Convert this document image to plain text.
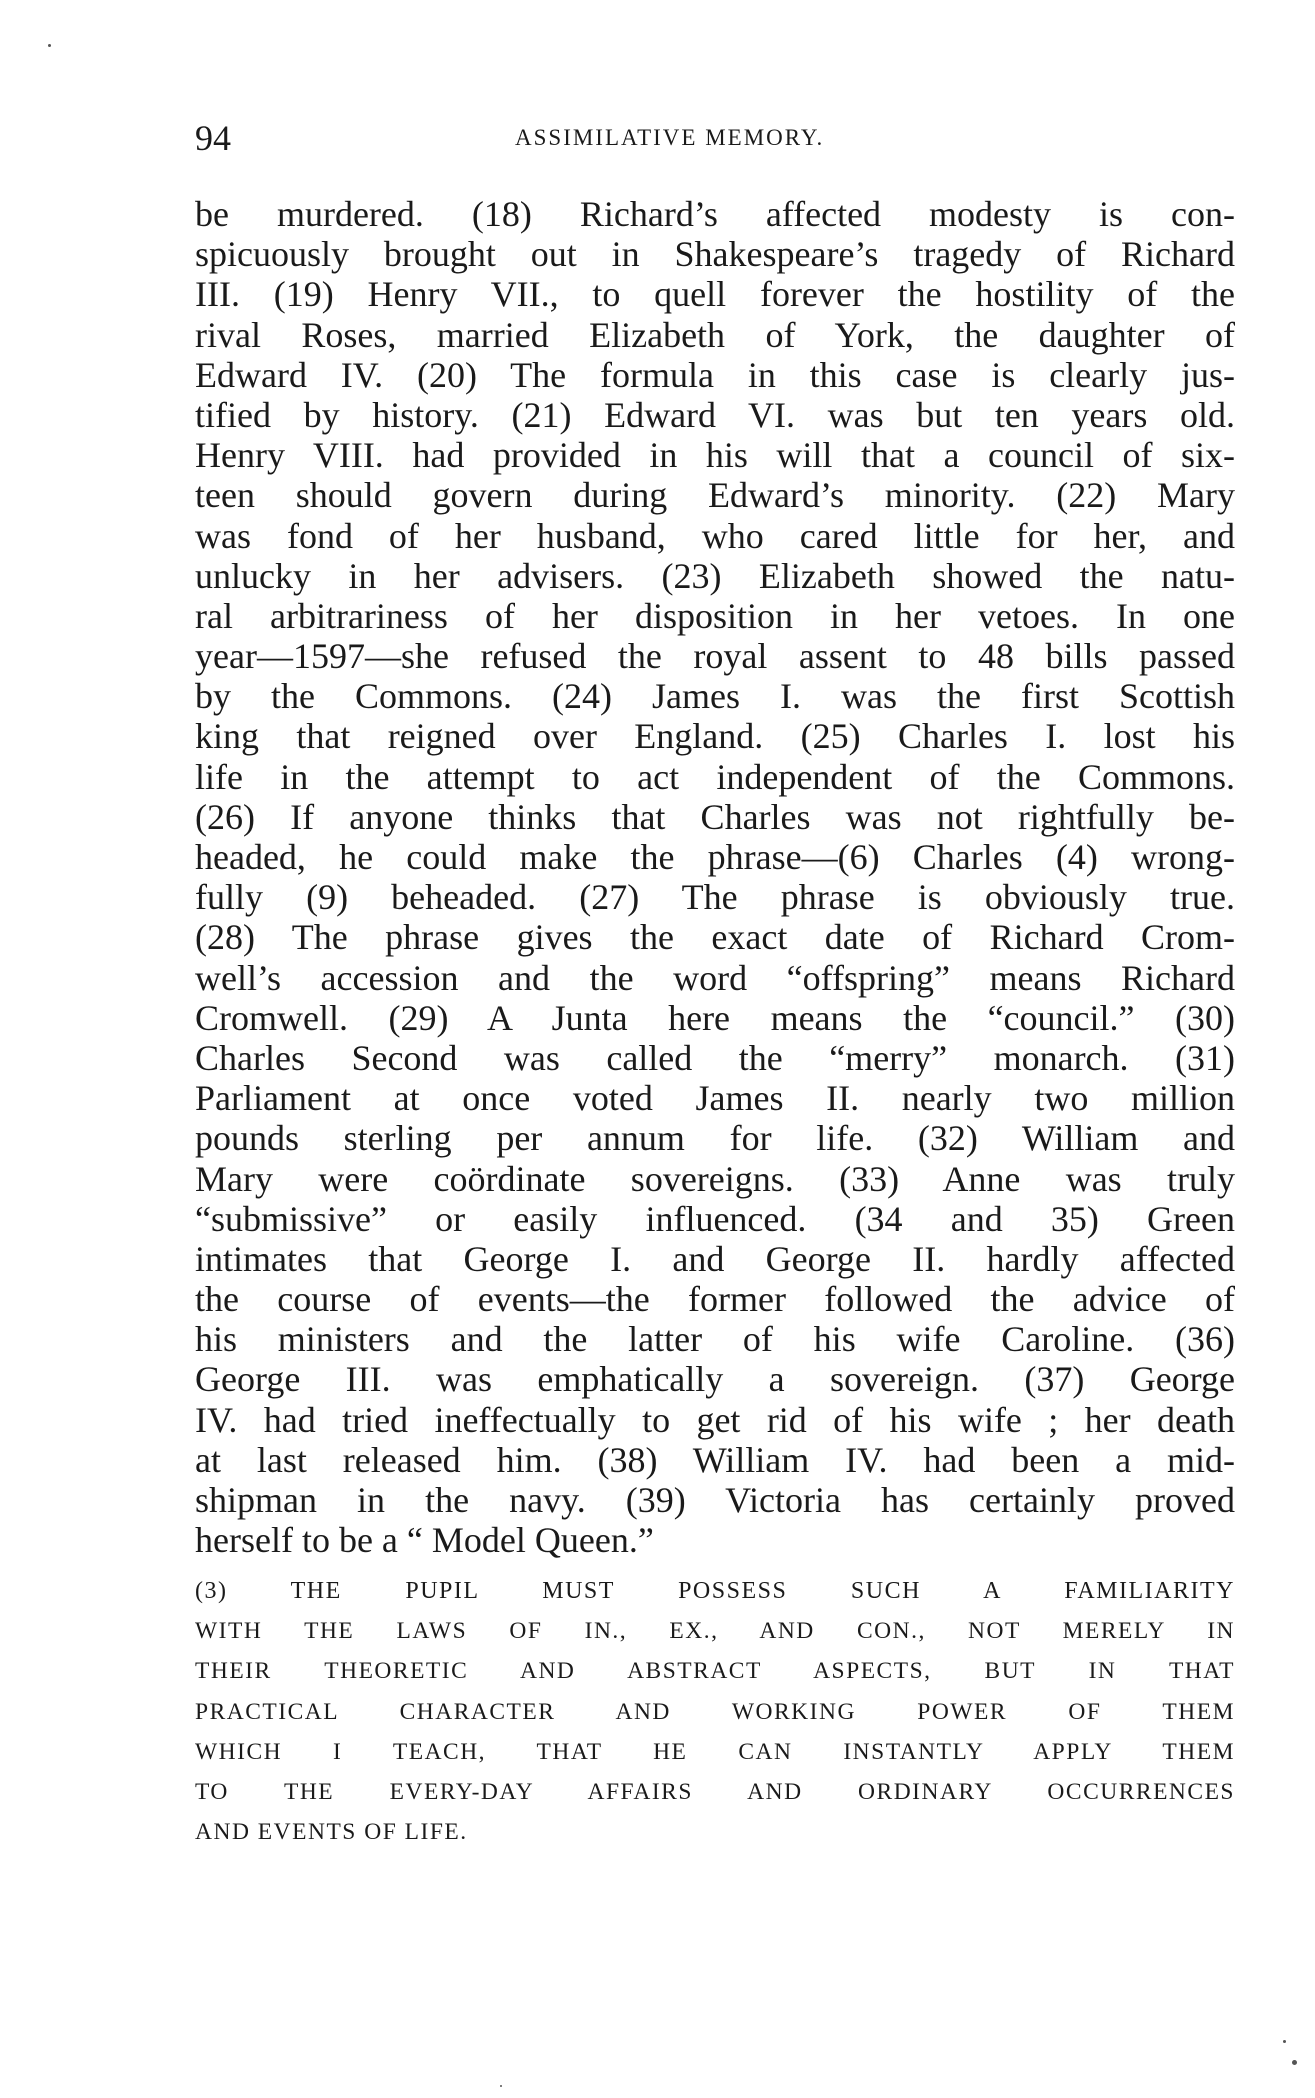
94	ASSIMILATIVE MEMORY.
be murdered. (18) Richard’s affected modesty is con-
spicuously brought out in Shakespeare’s tragedy of Richard
III. (19) Henry VII., to quell forever the hostility of the
rival Roses, married Elizabeth of York, the daughter of
Edward IV. (20) The formula in this case is clearly jus-
tified by history. (21) Edward VI. was but ten years old.
Henry VIII. had provided in his will that a council of six-
teen should govern during Edward’s minority. (22) Mary
was fond of her husband, who cared little for her, and
unlucky in her advisers. (23) Elizabeth showed the natu-
ral arbitrariness of her disposition in her vetoes. In one
year—1597—she refused the royal assent to 48 bills passed
by the Commons. (24) James I. was the first Scottish
king that reigned over England. (25) Charles I. lost his
life in the attempt to act independent of the Commons.
(26) If anyone thinks that Charles was not rightfully be-
headed, he could make the phrase—(6) Charles (4) wrong-
fully (9) beheaded. (27) The phrase is obviously true.
(28) The phrase gives the exact date of Richard Crom-
well’s accession and the word “offspring” means Richard
Cromwell. (29) A Junta here means the “council.” (30)
Charles Second was called the “merry” monarch. (31)
Parliament at once voted James II. nearly two million
pounds sterling per annum for life. (32) William and
Mary were coördinate sovereigns. (33) Anne was truly
“submissive” or easily influenced. (34 and 35) Green
intimates that George I. and George II. hardly affected
the course of events—the former followed the advice of
his ministers and the latter of his wife Caroline. (36)
George III. was emphatically a sovereign. (37) George
IV. had tried ineffectually to get rid of his wife ; her death
at last released him. (38) William IV. had been a mid-
shipman in the navy. (39) Victoria has certainly proved
herself to be a “ Model Queen.”
(3) THE PUPIL MUST POSSESS SUCH A FAMILIARITY
WITH THE LAWS OF IN., EX., AND CON., NOT MERELY IN
THEIR THEORETIC AND ABSTRACT ASPECTS, BUT IN THAT
PRACTICAL CHARACTER AND WORKING POWER OF THEM
WHICH I TEACH, THAT HE CAN INSTANTLY APPLY THEM
TO THE EVERY-DAY AFFAIRS AND ORDINARY OCCURRENCES
AND EVENTS OF LIFE.
